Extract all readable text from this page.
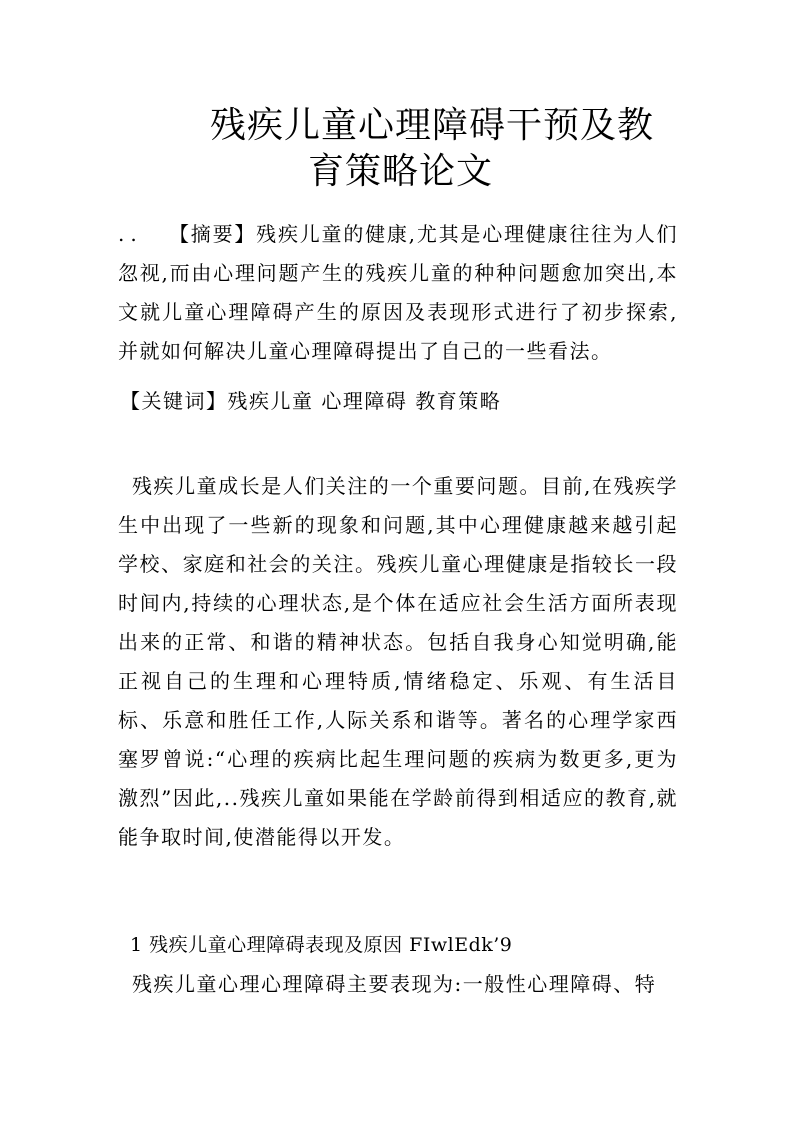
残疾儿童心理障碍干预及教
育策略论文
.. 【摘要】残疾儿童的健康,尤其是心理健康往往为人们忽视,而由心理问题产生的残疾儿童的种种问题愈加突出,本文就儿童心理障碍产生的原因及表现形式进行了初步探索,并就如何解决儿童心理障碍提出了自己的一些看法。
【关键词】残疾儿童 心理障碍 教育策略
残疾儿童成长是人们关注的一个重要问题。目前,在残疾学生中出现了一些新的现象和问题,其中心理健康越来越引起学校、家庭和社会的关注。残疾儿童心理健康是指较长一段时间内,持续的心理状态,是个体在适应社会生活方面所表现出来的正常、和谐的精神状态。包括自我身心知觉明确,能正视自己的生理和心理特质,情绪稳定、乐观、有生活目标、乐意和胜任工作,人际关系和谐等。著名的心理学家西塞罗曾说:“心理的疾病比起生理问题的疾病为数更多,更为激烈”因此,..残疾儿童如果能在学龄前得到相适应的教育,就能争取时间,使潜能得以开发。
1 残疾儿童心理障碍表现及原因 FIwlEdk’9
残疾儿童心理心理障碍主要表现为:一般性心理障碍、特
